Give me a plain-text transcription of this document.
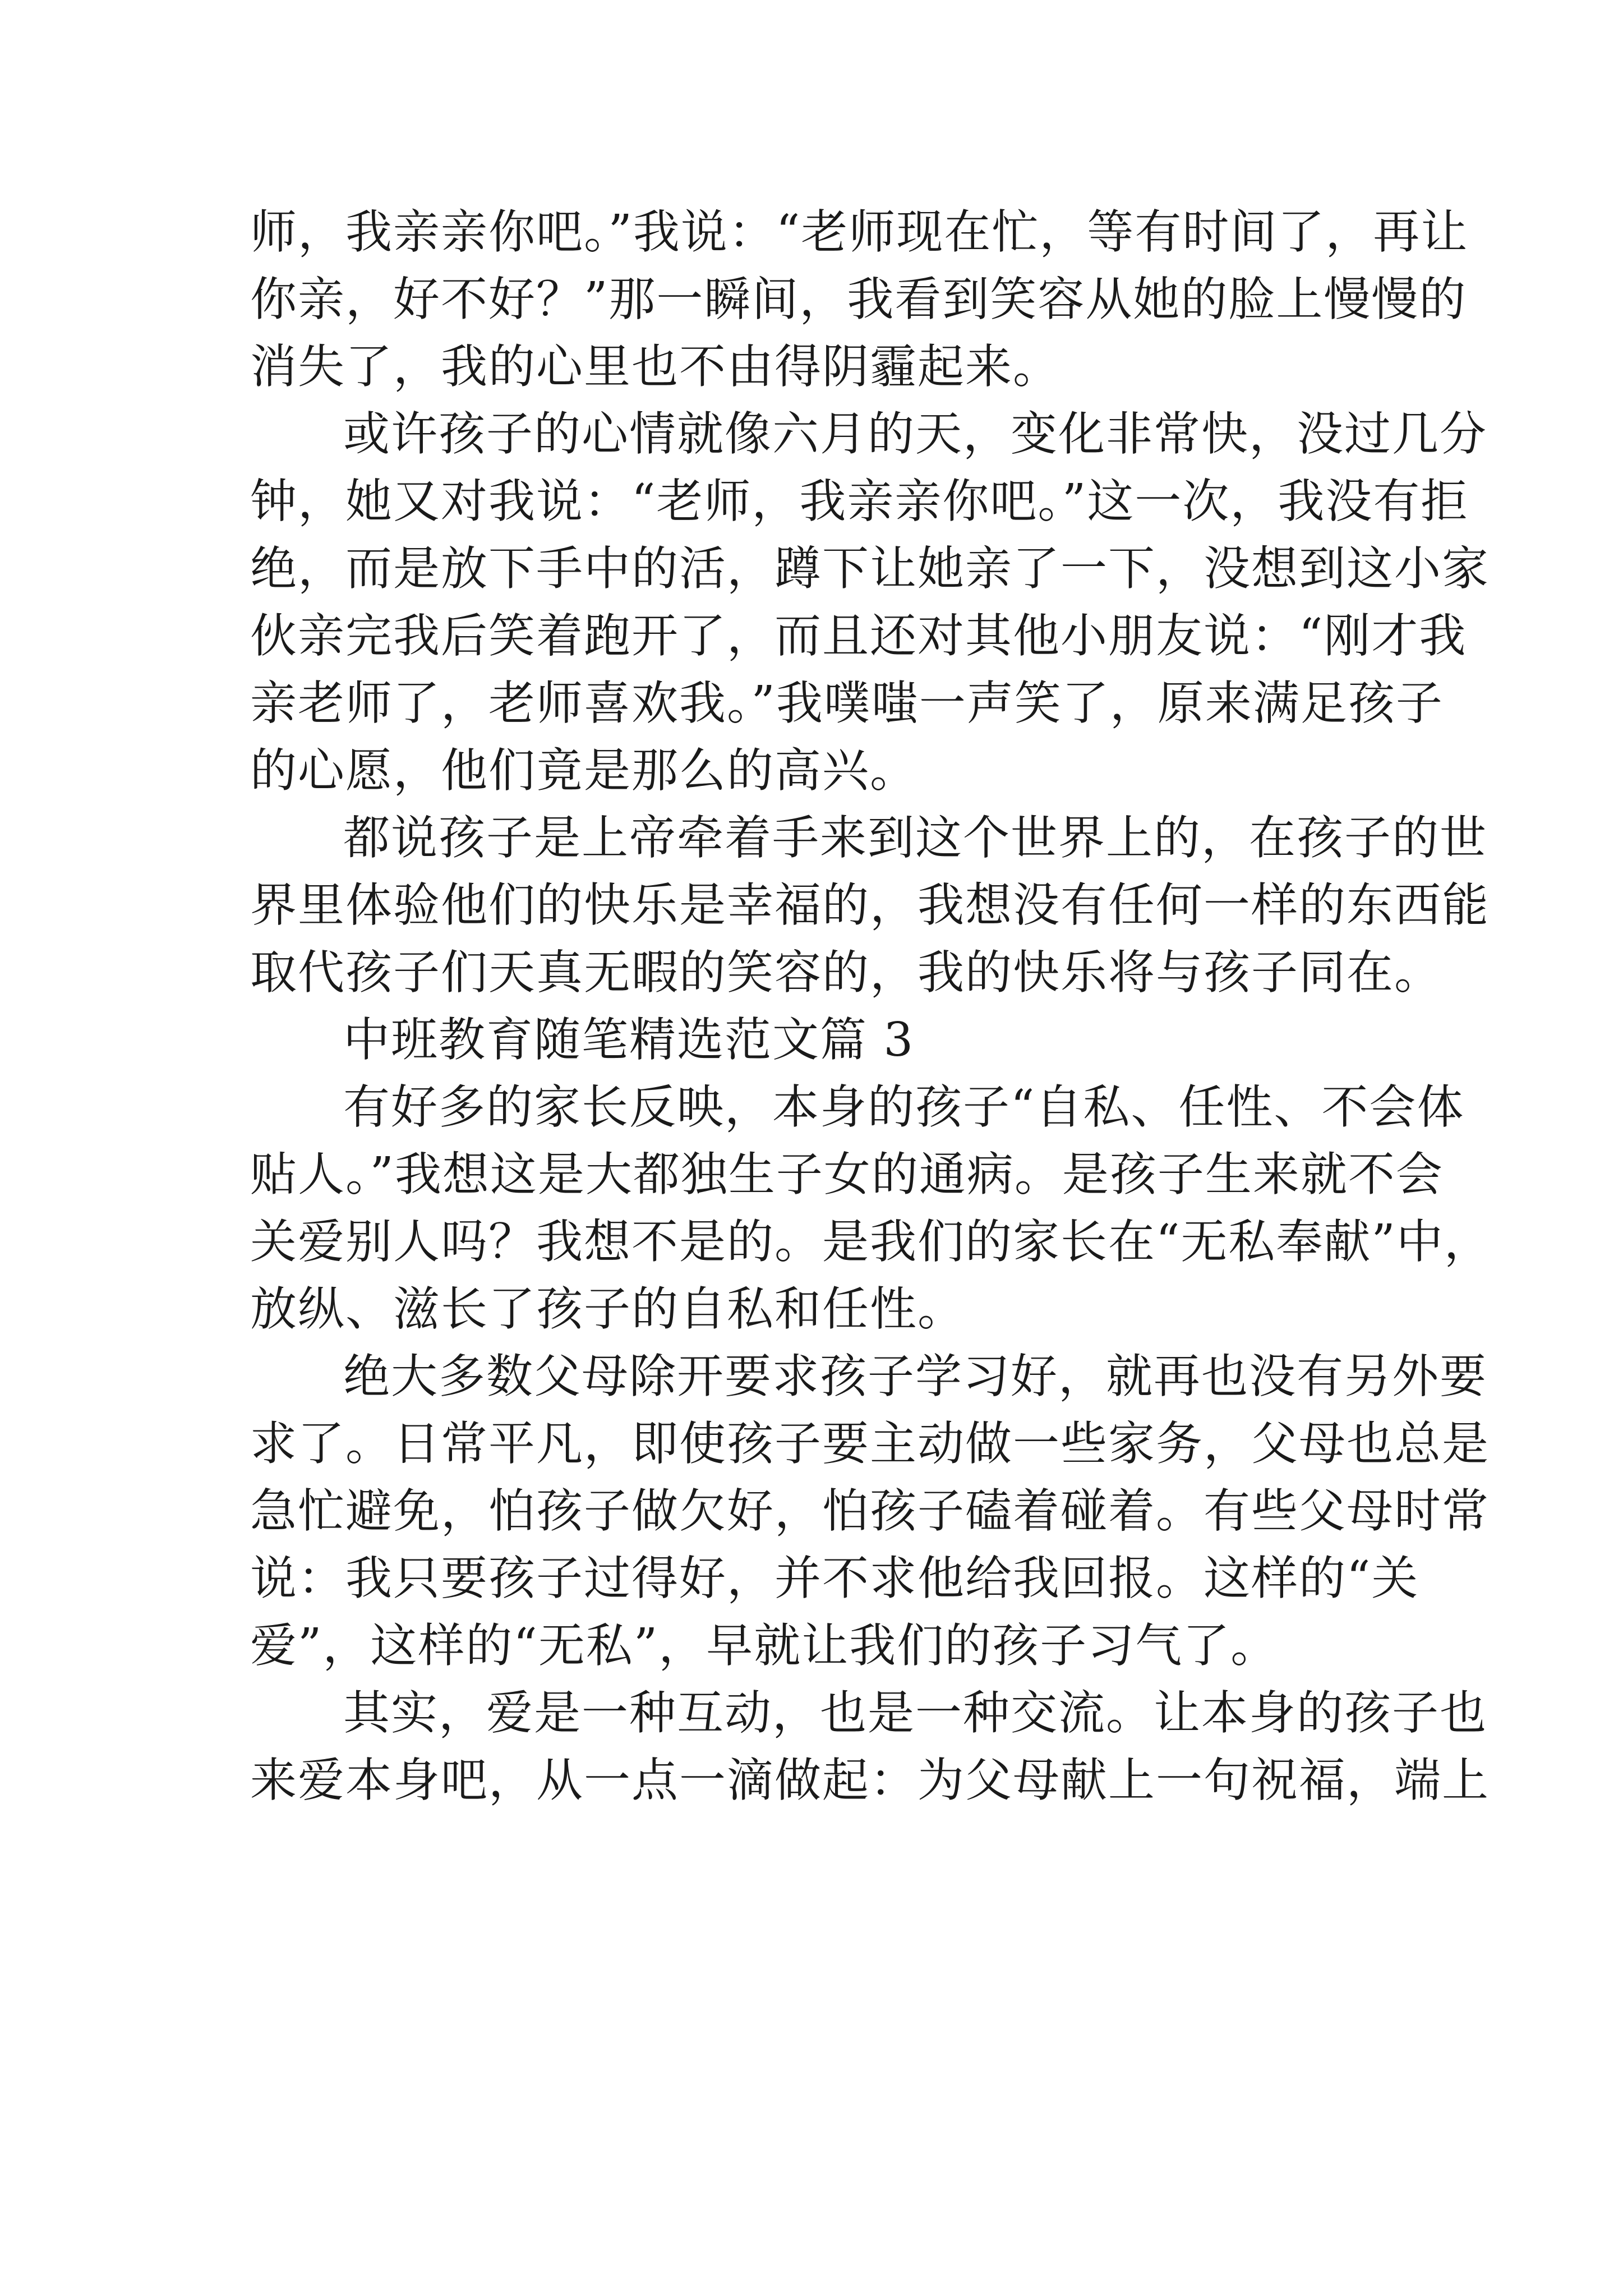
师，我亲亲你吧。”我说：“老师现在忙，等有时间了，再让
你亲，好不好？”那一瞬间，我看到笑容从她的脸上慢慢的
消失了，我的心里也不由得阴霾起来。
或许孩子的心情就像六月的天，变化非常快，没过几分
钟，她又对我说：“老师，我亲亲你吧。”这一次，我没有拒
绝，而是放下手中的活，蹲下让她亲了一下，没想到这小家
伙亲完我后笑着跑开了，而且还对其他小朋友说：“刚才我
亲老师了，老师喜欢我。”我噗嗤一声笑了，原来满足孩子
的心愿，他们竟是那么的高兴。
都说孩子是上帝牵着手来到这个世界上的，在孩子的世
界里体验他们的快乐是幸福的，我想没有任何一样的东西能
取代孩子们天真无暇的笑容的，我的快乐将与孩子同在。
中班教育随笔精选范文篇 3
有好多的家长反映，本身的孩子“自私、任性、不会体
贴人。”我想这是大都独生子女的通病。是孩子生来就不会
关爱别人吗？我想不是的。是我们的家长在“无私奉献”中，
放纵、滋长了孩子的自私和任性。
绝大多数父母除开要求孩子学习好，就再也没有另外要
求了。日常平凡，即使孩子要主动做一些家务，父母也总是
急忙避免，怕孩子做欠好，怕孩子磕着碰着。有些父母时常
说：我只要孩子过得好，并不求他给我回报。这样的“关
爱”，这样的“无私”，早就让我们的孩子习气了。
其实，爱是一种互动，也是一种交流。让本身的孩子也
来爱本身吧，从一点一滴做起：为父母献上一句祝福，端上
